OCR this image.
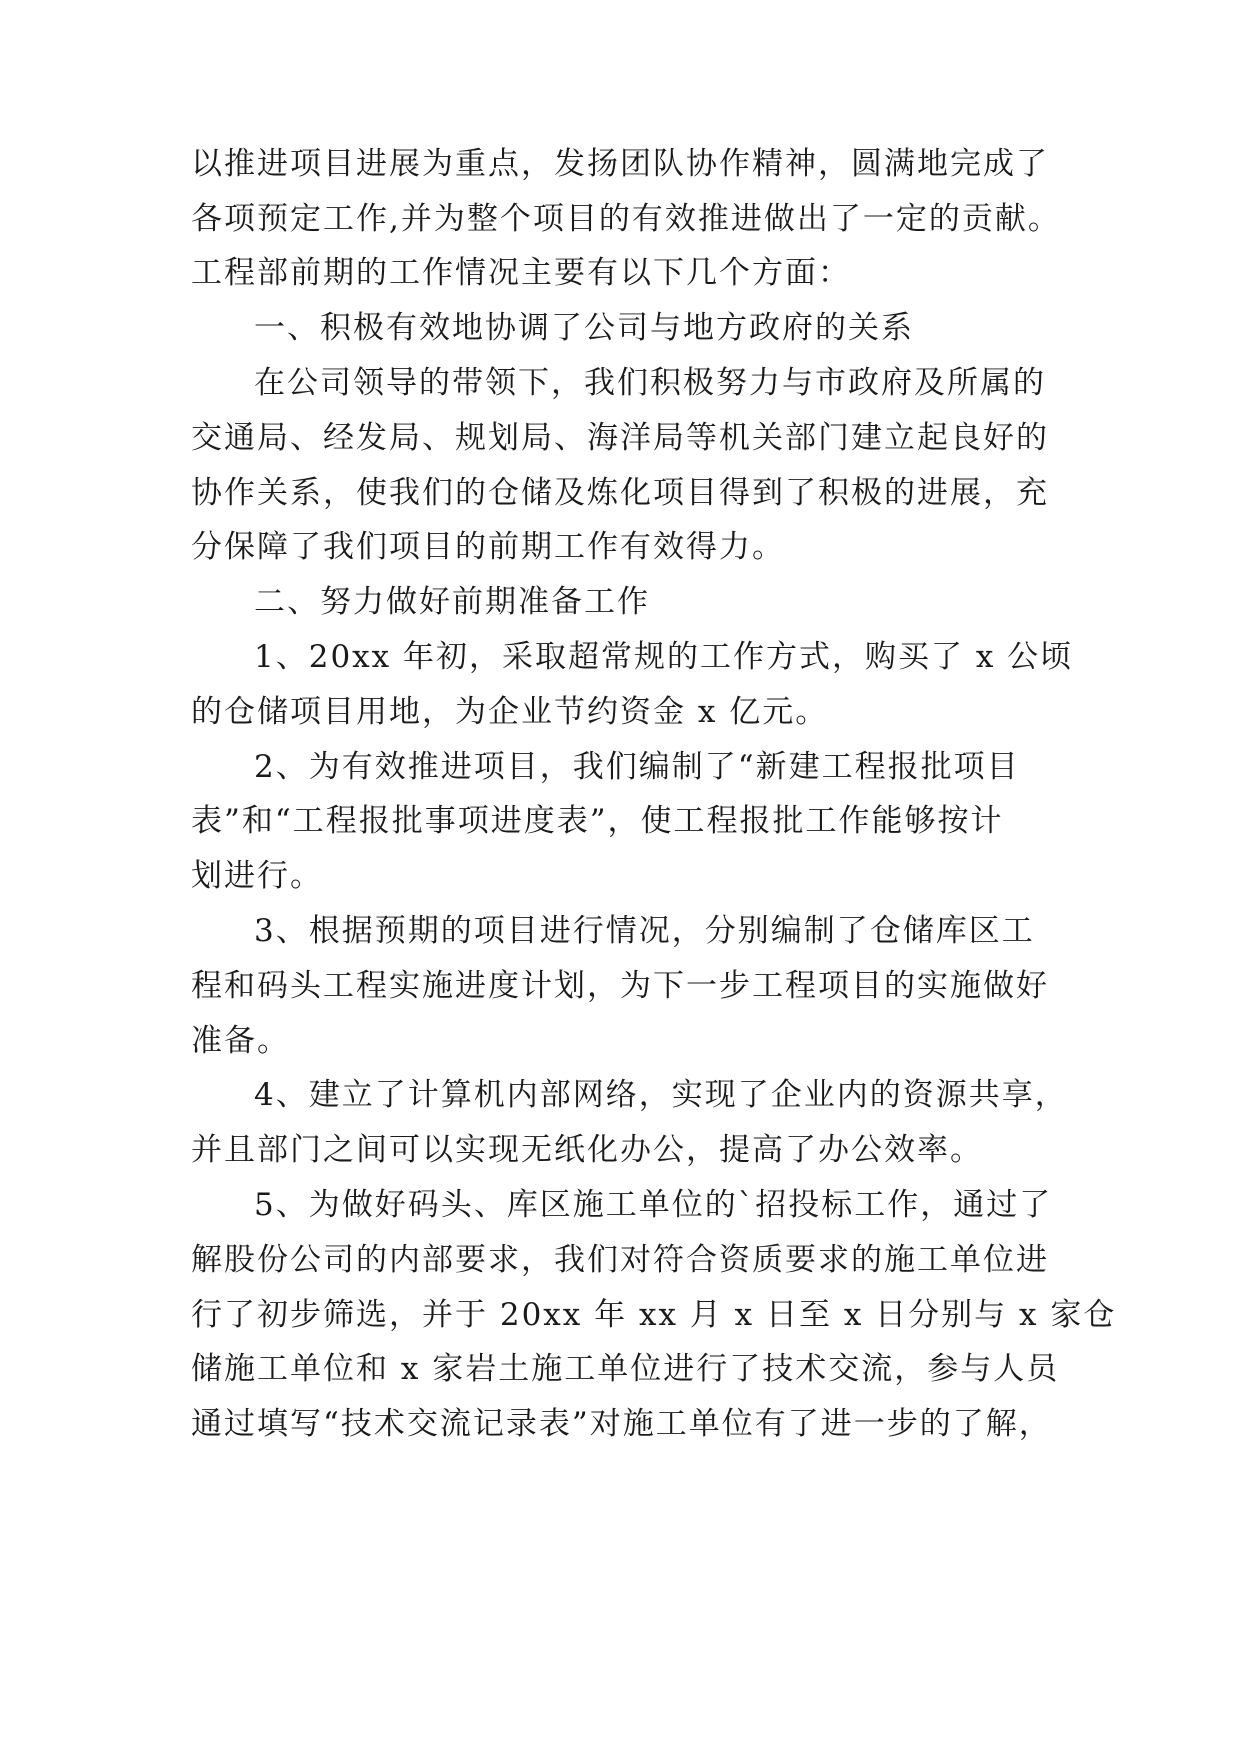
以推进项目进展为重点，发扬团队协作精神，圆满地完成了
各项预定工作,并为整个项目的有效推进做出了一定的贡献。
工程部前期的工作情况主要有以下几个方面：
一、积极有效地协调了公司与地方政府的关系
在公司领导的带领下，我们积极努力与市政府及所属的
交通局、经发局、规划局、海洋局等机关部门建立起良好的
协作关系，使我们的仓储及炼化项目得到了积极的进展，充
分保障了我们项目的前期工作有效得力。
二、努力做好前期准备工作
1、20xx 年初，采取超常规的工作方式，购买了 x 公顷
的仓储项目用地，为企业节约资金 x 亿元。
2、为有效推进项目，我们编制了“新建工程报批项目
表”和“工程报批事项进度表”，使工程报批工作能够按计
划进行。
3、根据预期的项目进行情况，分别编制了仓储库区工
程和码头工程实施进度计划，为下一步工程项目的实施做好
准备。
4、建立了计算机内部网络，实现了企业内的资源共享，
并且部门之间可以实现无纸化办公，提高了办公效率。
5、为做好码头、库区施工单位的`招投标工作，通过了
解股份公司的内部要求，我们对符合资质要求的施工单位进
行了初步筛选，并于 20xx 年 xx 月 x 日至 x 日分别与 x 家仓
储施工单位和 x 家岩土施工单位进行了技术交流，参与人员
通过填写“技术交流记录表”对施工单位有了进一步的了解，
